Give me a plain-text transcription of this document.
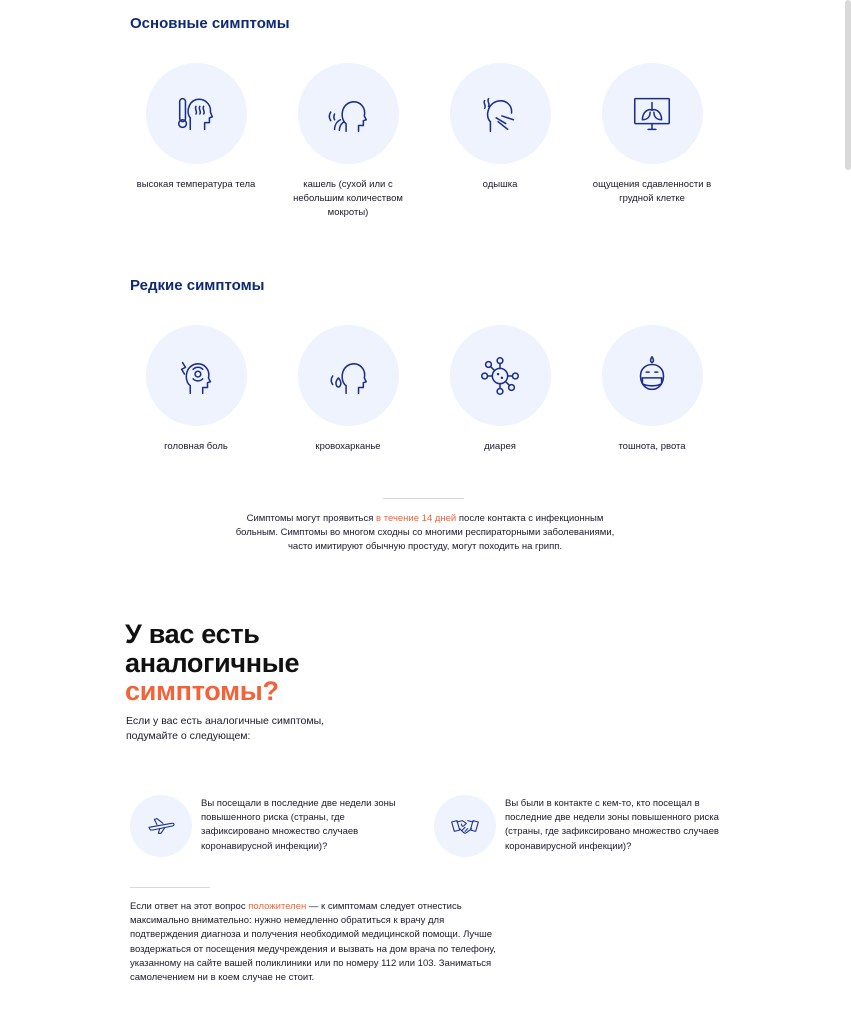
Основные симптомы
высокая температура тела	кашель (сухой или с небольшим количеством мокроты)
одышка	ощущения сдавленности в грудной клетке
Редкие симптомы
головная боль	кровохарканье	диарея	тошнота, рвота
Симптомы могут проявиться в течение 14 дней после контакта с инфекционным больным. Симптомы во многом сходны со многими респираторными заболеваниями, часто имитируют обычную простуду, могут походить на грипп.
У вас есть
аналогичные
симптомы?
Если у вас есть аналогичные симптомы, подумайте о следующем:
Вы посещали в последние две недели зоны повышенного риска (страны, где зафиксировано множество случаев коронавирусной инфекции)?
Вы были в контакте с кем-то, кто посещал в последние две недели зоны повышенного риска (страны, где зафиксировано множество случаев коронавирусной инфекции)?
Если ответ на этот вопрос положителен — к симптомам следует отнестись максимально внимательно: нужно немедленно обратиться к врачу для подтверждения диагноза и получения необходимой медицинской помощи. Лучше воздержаться от посещения медучреждения и вызвать на дом врача по телефону, указанному на сайте вашей поликлиники или по номеру 112 или 103. Заниматься самолечением ни в коем случае не стоит.
